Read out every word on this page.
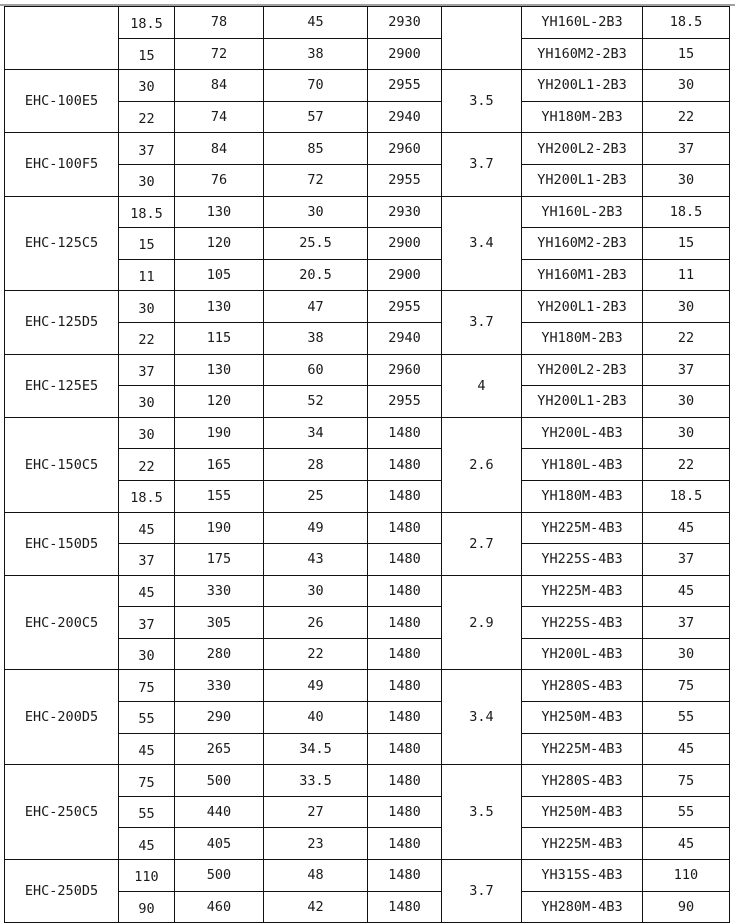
	18.5	78	45	2930		YH160L-2B3	18.5
	15	72	38	2900		YH160M2-2B3	15
EHC-100E5	30	84	70	2955	3.5	YH200L1-2B3	30
	22	74	57	2940		YH180M-2B3	22
EHC-100F5	37	84	85	2960	3.7	YH200L2-2B3	37
	30	76	72	2955		YH200L1-2B3	30
EHC-125C5	18.5	130	30	2930	3.4	YH160L-2B3	18.5
	15	120	25.5	2900		YH160M2-2B3	15
	11	105	20.5	2900		YH160M1-2B3	11
EHC-125D5	30	130	47	2955	3.7	YH200L1-2B3	30
	22	115	38	2940		YH180M-2B3	22
EHC-125E5	37	130	60	2960	4	YH200L2-2B3	37
	30	120	52	2955		YH200L1-2B3	30
EHC-150C5	30	190	34	1480	2.6	YH200L-4B3	30
	22	165	28	1480		YH180L-4B3	22
	18.5	155	25	1480		YH180M-4B3	18.5
EHC-150D5	45	190	49	1480	2.7	YH225M-4B3	45
	37	175	43	1480		YH225S-4B3	37
EHC-200C5	45	330	30	1480	2.9	YH225M-4B3	45
	37	305	26	1480		YH225S-4B3	37
	30	280	22	1480		YH200L-4B3	30
EHC-200D5	75	330	49	1480	3.4	YH280S-4B3	75
	55	290	40	1480		YH250M-4B3	55
	45	265	34.5	1480		YH225M-4B3	45
EHC-250C5	75	500	33.5	1480	3.5	YH280S-4B3	75
	55	440	27	1480		YH250M-4B3	55
	45	405	23	1480		YH225M-4B3	45
EHC-250D5	110	500	48	1480	3.7	YH315S-4B3	110
	90	460	42	1480		YH280M-4B3	90
